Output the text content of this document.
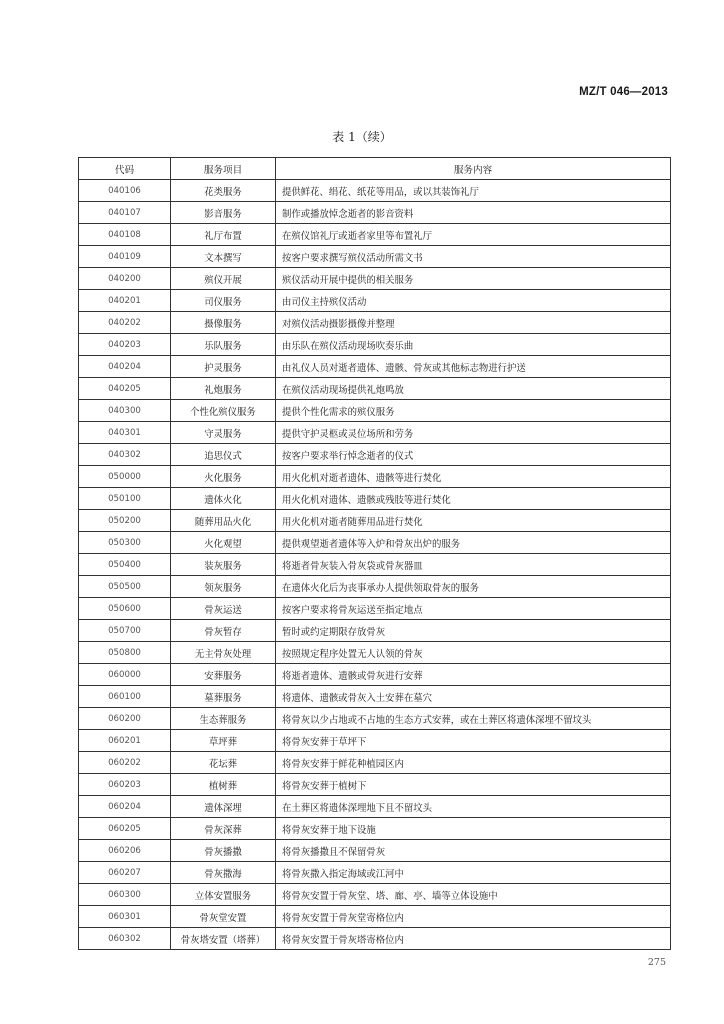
MZ/T 046—2013
表 1（续）
代码	服务项目	服务内容
040106	花类服务	提供鲜花、绢花、纸花等用品，或以其装饰礼厅
040107	影音服务	制作或播放悼念逝者的影音资料
040108	礼厅布置	在殡仪馆礼厅或逝者家里等布置礼厅
040109	文本撰写	按客户要求撰写殡仪活动所需文书
040200	殡仪开展	殡仪活动开展中提供的相关服务
040201	司仪服务	由司仪主持殡仪活动
040202	摄像服务	对殡仪活动摄影摄像并整理
040203	乐队服务	由乐队在殡仪活动现场吹奏乐曲
040204	护灵服务	由礼仪人员对逝者遗体、遗骸、骨灰或其他标志物进行护送
040205	礼炮服务	在殡仪活动现场提供礼炮鸣放
040300	个性化殡仪服务	提供个性化需求的殡仪服务
040301	守灵服务	提供守护灵柩或灵位场所和劳务
040302	追思仪式	按客户要求举行悼念逝者的仪式
050000	火化服务	用火化机对逝者遗体、遗骸等进行焚化
050100	遗体火化	用火化机对遗体、遗骸或残肢等进行焚化
050200	随葬用品火化	用火化机对逝者随葬用品进行焚化
050300	火化观望	提供观望逝者遗体等入炉和骨灰出炉的服务
050400	装灰服务	将逝者骨灰装入骨灰袋或骨灰器皿
050500	领灰服务	在遗体火化后为丧事承办人提供领取骨灰的服务
050600	骨灰运送	按客户要求将骨灰运送至指定地点
050700	骨灰暂存	暂时或约定期限存放骨灰
050800	无主骨灰处理	按照规定程序处置无人认领的骨灰
060000	安葬服务	将逝者遗体、遗骸或骨灰进行安葬
060100	墓葬服务	将遗体、遗骸或骨灰入土安葬在墓穴
060200	生态葬服务	将骨灰以少占地或不占地的生态方式安葬，或在土葬区将遗体深埋不留坟头
060201	草坪葬	将骨灰安葬于草坪下
060202	花坛葬	将骨灰安葬于鲜花种植园区内
060203	植树葬	将骨灰安葬于植树下
060204	遗体深埋	在土葬区将遗体深埋地下且不留坟头
060205	骨灰深葬	将骨灰安葬于地下设施
060206	骨灰播撒	将骨灰播撒且不保留骨灰
060207	骨灰撒海	将骨灰撒入指定海域或江河中
060300	立体安置服务	将骨灰安置于骨灰堂、塔、廊、亭、墙等立体设施中
060301	骨灰堂安置	将骨灰安置于骨灰堂寄格位内
060302	骨灰塔安置（塔葬）	将骨灰安置于骨灰塔寄格位内
275
